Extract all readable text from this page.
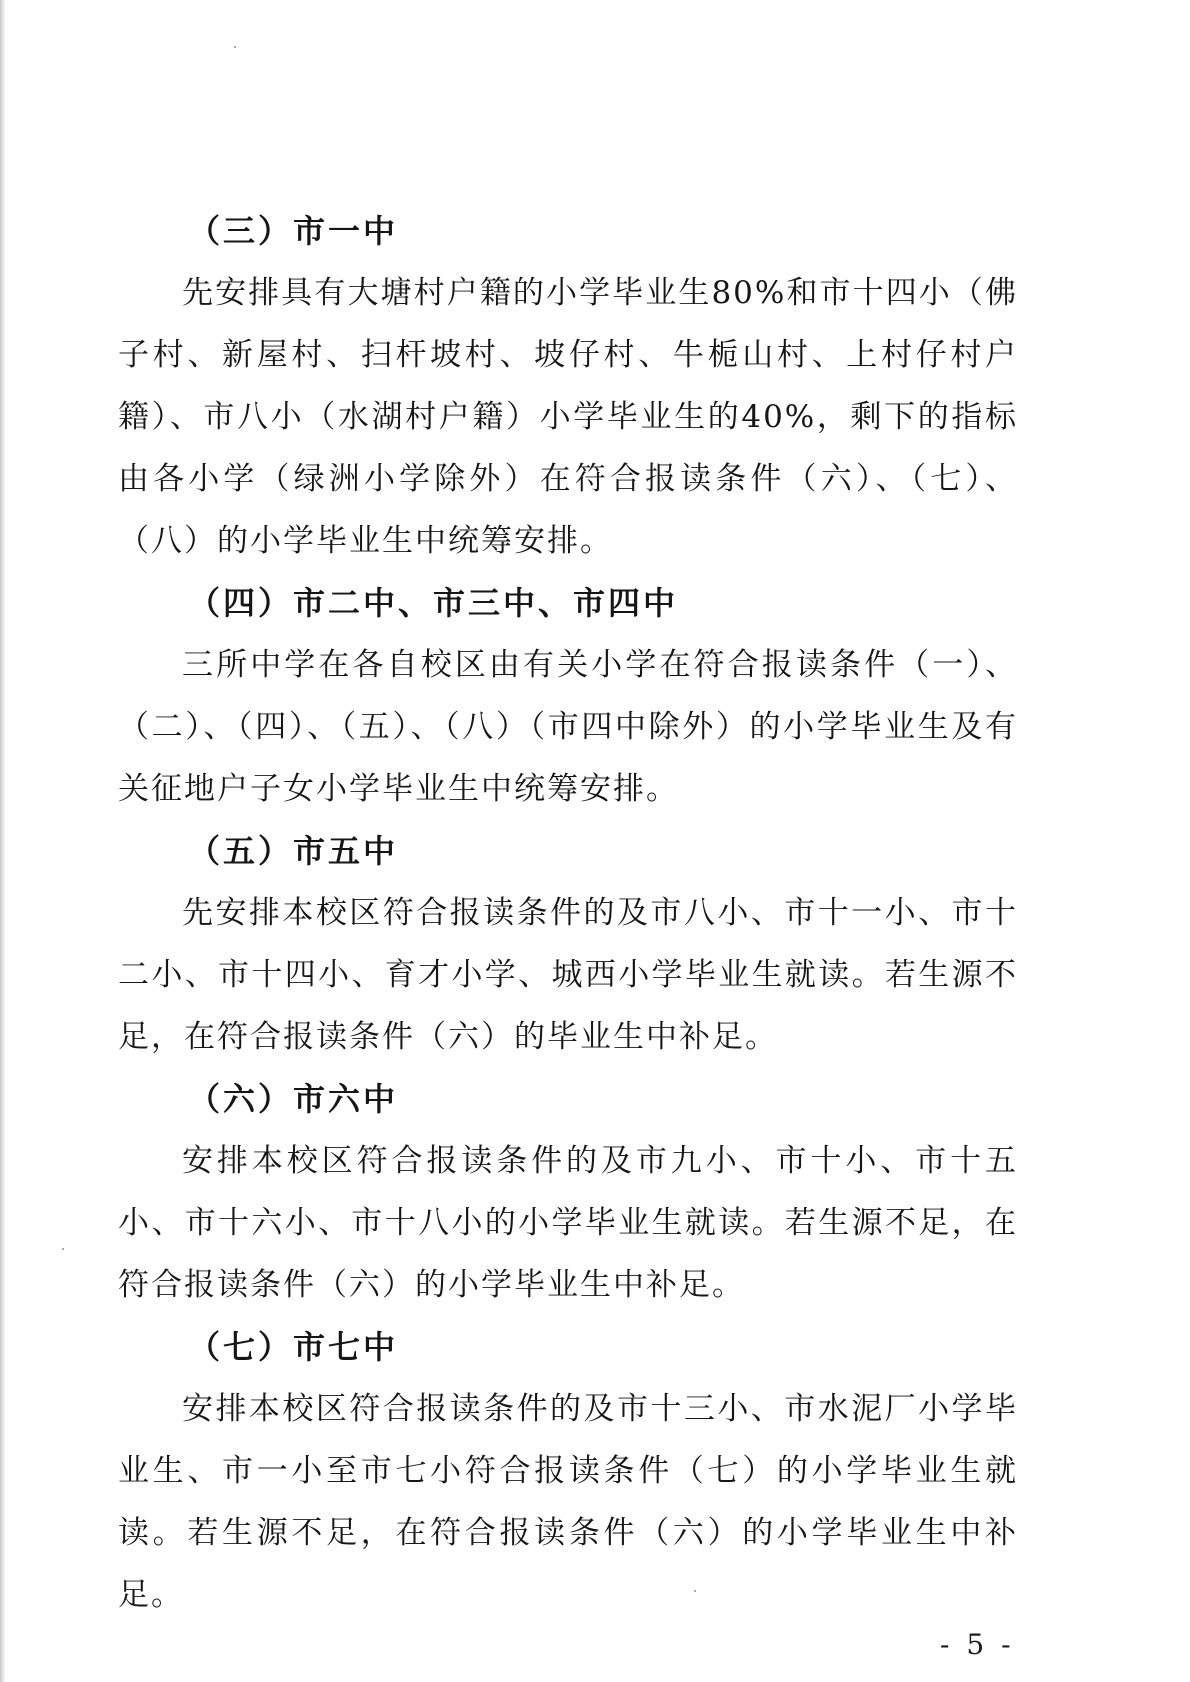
（三）市一中

先安排具有大塘村户籍的小学毕业生80%和市十四小（佛子村、新屋村、扫杆坡村、坡仔村、牛栀山村、上村仔村户籍）、市八小（水湖村户籍）小学毕业生的40%，剩下的指标由各小学（绿洲小学除外）在符合报读条件（六）、（七）、（八）的小学毕业生中统筹安排。

（四）市二中、市三中、市四中

三所中学在各自校区由有关小学在符合报读条件（一）、（二）、（四）、（五）、（八）（市四中除外）的小学毕业生及有关征地户子女小学毕业生中统筹安排。

（五）市五中

先安排本校区符合报读条件的及市八小、市十一小、市十二小、市十四小、育才小学、城西小学毕业生就读。若生源不足，在符合报读条件（六）的毕业生中补足。

（六）市六中

安排本校区符合报读条件的及市九小、市十小、市十五小、市十六小、市十八小的小学毕业生就读。若生源不足，在符合报读条件（六）的小学毕业生中补足。

（七）市七中

安排本校区符合报读条件的及市十三小、市水泥厂小学毕业生、市一小至市七小符合报读条件（七）的小学毕业生就读。若生源不足，在符合报读条件（六）的小学毕业生中补足。

- 5 -
